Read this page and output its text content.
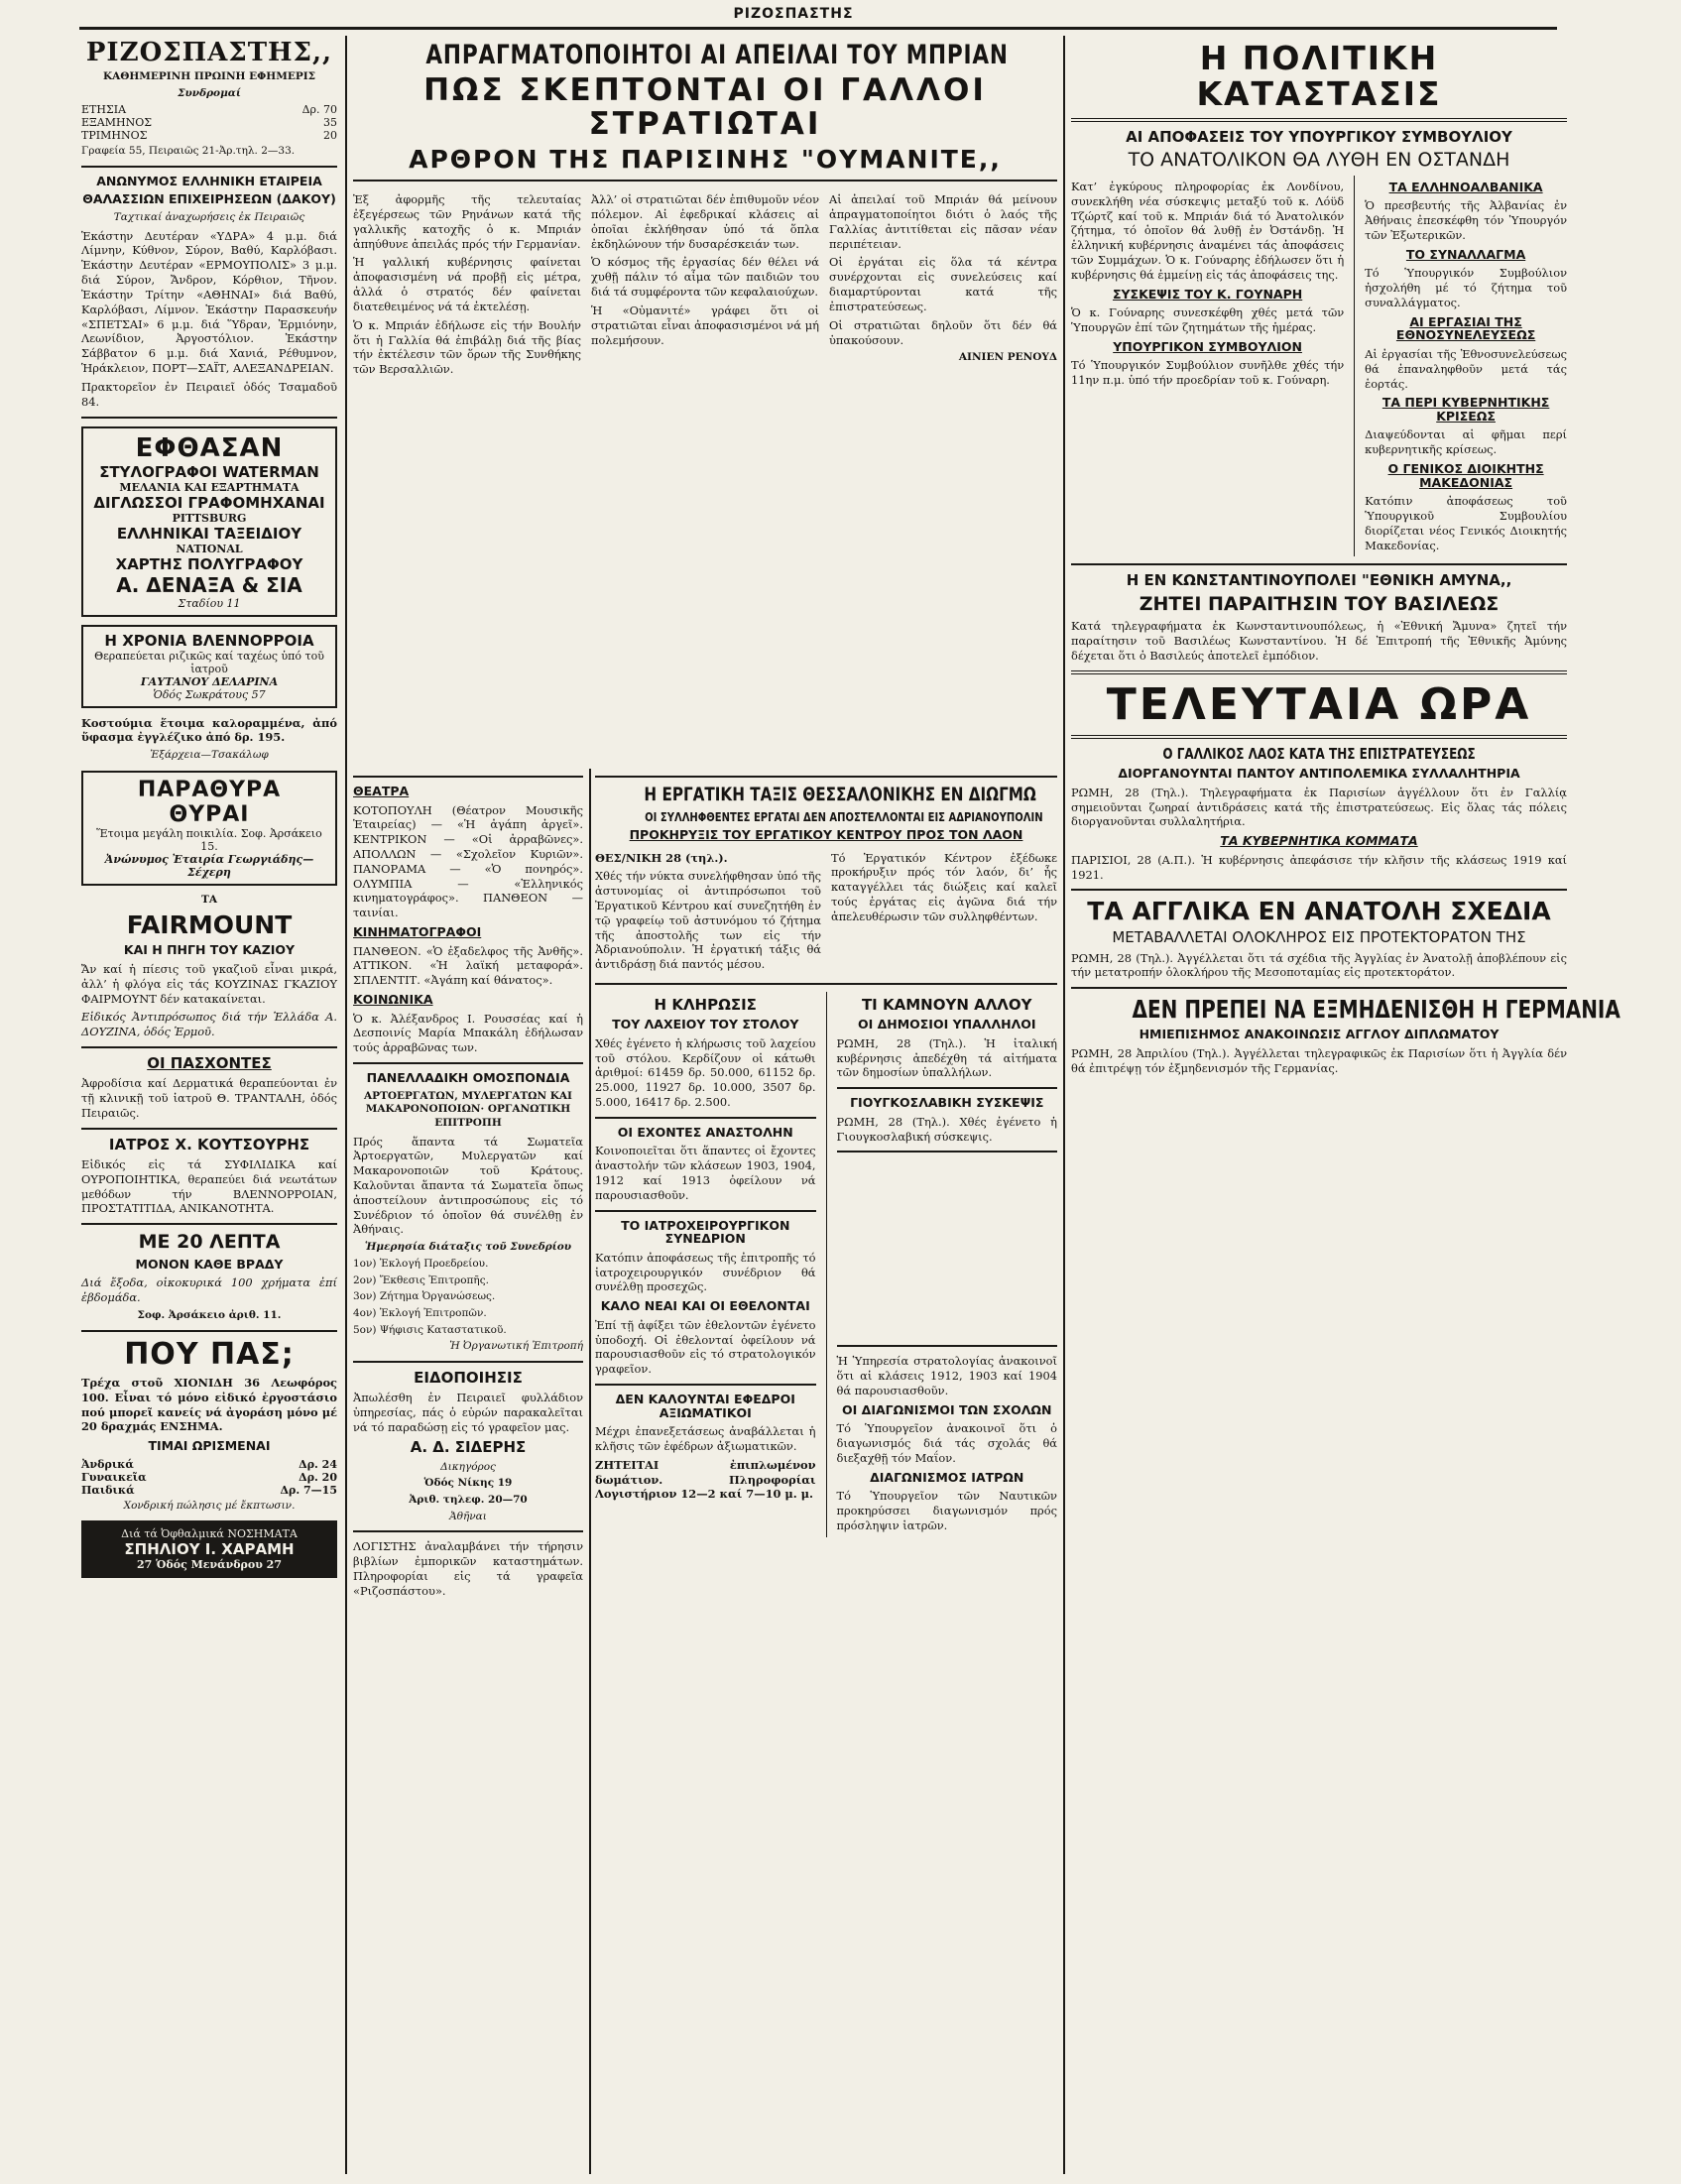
ΡΙΖΟΣΠΑΣΤΗΣ
ΡΙΖΟΣΠΑΣΤΗΣ,,
ΚΑΘΗΜΕΡΙΝΗ ΠΡΩΙΝΗ ΕΦΗΜΕΡΙΣ
Συνδρομαί
ΕΤΗΣΙΑ	Δρ. 70
ΕΞΑΜΗΝΟΣ	35
ΤΡΙΜΗΝΟΣ	20
Γραφεία 55, Πειραιῶς 21-Ἀρ.τηλ. 2—33.
ΑΝΩΝΥΜΟΣ ΕΛΛΗΝΙΚΗ ΕΤΑΙΡΕΙΑ
ΘΑΛΑΣΣΙΩΝ ΕΠΙΧΕΙΡΗΣΕΩΝ (ΔΑΚΟΥ)
Ταχτικαί ἀναχωρήσεις ἐκ Πειραιῶς

Ἑκάστην Δευτέραν «ΥΔΡΑ» 4 μ.μ. διά Λίμνην, Κύθνον, Σύρον, Βαθύ, Καρλόβασι. Ἑκάστην Δευτέραν «ΕΡΜΟΥΠΟΛΙΣ» 3 μ.μ. διά Σύρον, Ἄνδρον, Κόρθιον, Τῆνον. Ἑκάστην Τρίτην «ΑΘΗΝΑΙ» διά Βαθύ, Καρλόβασι, Λίμνον. Ἑκάστην Παρασκευήν «ΣΠΕΤΣΑΙ» 6 μ.μ. διά Ὕδραν, Ἑρμιόνην, Λεωνίδιον, Ἀργοστόλιον. Ἑκάστην Σάββατον 6 μ.μ. διά Χανιά, Ρέθυμνον, Ἡράκλειον, ΠΟΡΤ—ΣΑΪΤ, ΑΛΕΞΑΝΔΡΕΙΑΝ.

Πρακτορεῖον ἐν Πειραιεῖ ὁδός Τσαμαδοῦ 84.

ΕΦΘΑΣΑΝ
ΣΤΥΛΟΓΡΑΦΟΙ WATERMAN
ΜΕΛΑΝΙΑ ΚΑΙ ΕΞΑΡΤΗΜΑΤΑ
ΔΙΓΛΩΣΣΟΙ ΓΡΑΦΟΜΗΧΑΝΑΙ
PITTSBURG
ΕΛΛΗΝΙΚΑΙ ΤΑΞΕΙΔΙΟΥ
NATIONAL
ΧΑΡΤΗΣ ΠΟΛΥΓΡΑΦΟΥ
Α. ΔΕΝΑΞΑ & ΣΙΑ
Σταδίου 11
Η ΧΡΟΝΙΑ ΒΛΕΝΝΟΡΡΟΙΑ
Θεραπεύεται ριζικῶς καί ταχέως ὑπό τοῦ ἰατροῦ
ΓΑΥΤΑΝΟΥ ΔΕΛΑΡΙΝΑ
Ὁδός Σωκράτους 57

Κοστούμια ἕτοιμα καλοραμμένα, ἀπό ὕφασμα ἐγγλέζικο ἀπό δρ. 195.

Ἐξάρχεια—Τσακάλωφ
ΠΑΡΑΘΥΡΑ
ΘΥΡΑΙ
Ἕτοιμα μεγάλη ποικιλία. Σοφ. Ἀρσάκειο 15.
Ἀνώνυμος Ἐταιρία Γεωργιάδης—Σέχερη
ΤΑ
FAIRMOUNT
ΚΑΙ Η ΠΗΓΗ ΤΟΥ ΚΑΖΙΟΥ

Ἄν καί ἡ πίεσις τοῦ γκαζιοῦ εἶναι μικρά, ἀλλ’ ἡ φλόγα εἰς τάς ΚΟΥΖΙΝΑΣ ΓΚΑΖΙΟΥ ΦΑΙΡΜΟΥΝΤ δέν κατακαίνεται.

Εἰδικός Ἀντιπρόσωπος διά τήν Ἑλλάδα Α. ΔΟΥΖΙΝΑ, ὁδός Ἑρμοῦ.

ΟΙ ΠΑΣΧΟΝΤΕΣ

Ἀφροδίσια καί Δερματικά θεραπεύονται ἐν τῇ κλινικῇ τοῦ ἰατροῦ Θ. ΤΡΑΝΤΑΛΗ, ὁδός Πειραιῶς.

ΙΑΤΡΟΣ Χ. ΚΟΥΤΣΟΥΡΗΣ

Εἰδικός εἰς τά ΣΥΦΙΛΙΔΙΚΑ καί ΟΥΡΟΠΟΙΗΤΙΚΑ, θεραπεύει διά νεωτάτων μεθόδων τήν ΒΛΕΝΝΟΡΡΟΙΑΝ, ΠΡΟΣΤΑΤΙΤΙΔΑ, ΑΝΙΚΑΝΟΤΗΤΑ.

ΜΕ 20 ΛΕΠΤΑ
ΜΟΝΟΝ ΚΑΘΕ ΒΡΑΔΥ

Διά ἔξοδα, οἰκοκυρικά 100 χρήματα ἐπί ἑβδομάδα.

Σοφ. Ἀρσάκειο ἀριθ. 11.
ΠΟΥ ΠΑΣ;

Τρέχα στοῦ ΧΙΟΝΙΔΗ 36 Λεωφόρος 100. Εἶναι τό μόνο εἰδικό ἐργοστάσιο πού μπορεῖ κανείς νά ἀγοράση μόνο μέ 20 δραχμάς ΕΝΣΗΜΑ.

ΤΙΜΑΙ ΩΡΙΣΜΕΝΑΙ
Ἀνδρικά	Δρ. 24
Γυναικεῖα	Δρ. 20
Παιδικά	Δρ. 7—15
Χονδρική πώλησις μέ ἔκπτωσιν.
Διά τά Ὀφθαλμικά ΝΟΣΗΜΑΤΑ
ΣΠΗΛΙΟΥ Ι. ΧΑΡΑΜΗ
27 Ὁδός Μενάνδρου 27
ΑΠΡΑΓΜΑΤΟΠΟΙΗΤΟΙ ΑΙ ΑΠΕΙΛΑΙ ΤΟΥ ΜΠΡΙΑΝ
ΠΩΣ ΣΚΕΠΤΟΝΤΑΙ ΟΙ ΓΑΛΛΟΙ ΣΤΡΑΤΙΩΤΑΙ
ΑΡΘΡΟΝ ΤΗΣ ΠΑΡΙΣΙΝΗΣ "ΟΥΜΑΝΙΤΕ,,

Ἐξ ἀφορμῆς τῆς τελευταίας ἐξεγέρσεως τῶν Ρηνάνων κατά τῆς γαλλικῆς κατοχῆς ὁ κ. Μπριάν ἀπηύθυνε ἀπειλάς πρός τήν Γερμανίαν.

Ἡ γαλλική κυβέρνησις φαίνεται ἀποφασισμένη νά προβῇ εἰς μέτρα, ἀλλά ὁ στρατός δέν φαίνεται διατεθειμένος νά τά ἐκτελέσῃ.

Ὁ κ. Μπριάν ἐδήλωσε εἰς τήν Βουλήν ὅτι ἡ Γαλλία θά ἐπιβάλῃ διά τῆς βίας τήν ἐκτέλεσιν τῶν ὅρων τῆς Συνθήκης τῶν Βερσαλλιῶν.

Ἀλλ’ οἱ στρατιῶται δέν ἐπιθυμοῦν νέον πόλεμον. Αἱ ἐφεδρικαί κλάσεις αἱ ὁποῖαι ἐκλήθησαν ὑπό τά ὅπλα ἐκδηλώνουν τήν δυσαρέσκειάν των.

Ὁ κόσμος τῆς ἐργασίας δέν θέλει νά χυθῇ πάλιν τό αἷμα τῶν παιδιῶν του διά τά συμφέροντα τῶν κεφαλαιούχων.

Ἡ «Οὐμανιτέ» γράφει ὅτι οἱ στρατιῶται εἶναι ἀποφασισμένοι νά μή πολεμήσουν.

Αἱ ἀπειλαί τοῦ Μπριάν θά μείνουν ἀπραγματοποίητοι διότι ὁ λαός τῆς Γαλλίας ἀντιτίθεται εἰς πᾶσαν νέαν περιπέτειαν.

Οἱ ἐργάται εἰς ὅλα τά κέντρα συνέρχονται εἰς συνελεύσεις καί διαμαρτύρονται κατά τῆς ἐπιστρατεύσεως.

Οἱ στρατιῶται δηλοῦν ὅτι δέν θά ὑπακούσουν.

ΑΙΝΙΕΝ ΡΕΝΟΥΔ
ΘΕΑΤΡΑ

ΚΟΤΟΠΟΥΛΗ (Θέατρον Μουσικῆς Ἑταιρείας) — «Ἡ ἀγάπη ἀργεῖ». ΚΕΝΤΡΙΚΟΝ — «Οἱ ἀρραβῶνες». ΑΠΟΛΛΩΝ — «Σχολεῖον Κυριῶν». ΠΑΝΟΡΑΜΑ — «Ὁ πονηρός». ΟΛΥΜΠΙΑ — «Ἑλληνικός κινηματογράφος». ΠΑΝΘΕΟΝ — ταινίαι.

ΚΙΝΗΜΑΤΟΓΡΑΦΟΙ

ΠΑΝΘΕΟΝ. «Ὁ ἐξαδελφος τῆς Ἀνθῆς». ΑΤΤΙΚΟΝ. «Ἡ λαϊκή μεταφορά». ΣΠΛΕΝΤΙΤ. «Ἀγάπη καί θάνατος».

ΚΟΙΝΩΝΙΚΑ

Ὁ κ. Ἀλέξανδρος Ι. Ρουσσέας καί ἡ Δεσποινίς Μαρία Μπακάλη ἐδήλωσαν τούς ἀρραβῶνας των.

ΠΑΝΕΛΛΑΔΙΚΗ ΟΜΟΣΠΟΝΔΙΑ
ΑΡΤΟΕΡΓΑΤΩΝ, ΜΥΛΕΡΓΑΤΩΝ ΚΑΙ ΜΑΚΑΡΟΝΟΠΟΙΩΝ· ΟΡΓΑΝΩΤΙΚΗ ΕΠΙΤΡΟΠΗ

Πρός ἅπαντα τά Σωματεῖα Ἀρτοεργατῶν, Μυλεργατῶν καί Μακαρονοποιῶν τοῦ Κράτους. Καλοῦνται ἅπαντα τά Σωματεῖα ὅπως ἀποστείλουν ἀντιπροσώπους εἰς τό Συνέδριον τό ὁποῖον θά συνέλθῃ ἐν Ἀθήναις.

Ἡμερησία διάταξις τοῦ Συνεδρίου
1ον) Ἐκλογή Προεδρείου.
2ον) Ἔκθεσις Ἐπιτροπῆς.
3ον) Ζήτημα Ὀργανώσεως.
4ον) Ἐκλογή Ἐπιτροπῶν.
5ον) Ψήφισις Καταστατικοῦ.
Ἡ Ὀργανωτική Ἐπιτροπή
ΕΙΔΟΠΟΙΗΣΙΣ

Ἀπωλέσθη ἐν Πειραιεῖ φυλλάδιον ὑπηρεσίας, πάς ὁ εὑρών παρακαλεῖται νά τό παραδώσῃ εἰς τό γραφεῖον μας.

Α. Δ. ΣΙΔΕΡΗΣ
Δικηγόρος
Ὁδός Νίκης 19
Ἀριθ. τηλεφ. 20—70
Ἀθῆναι

ΛΟΓΙΣΤΗΣ ἀναλαμβάνει τήν τήρησιν βιβλίων ἐμπορικῶν καταστημάτων. Πληροφορίαι εἰς τά γραφεῖα «Ριζοσπάστου».

Η ΕΡΓΑΤΙΚΗ ΤΑΞΙΣ ΘΕΣΣΑΛΟΝΙΚΗΣ ΕΝ ΔΙΩΓΜΩ
ΟΙ ΣΥΛΛΗΦΘΕΝΤΕΣ ΕΡΓΑΤΑΙ ΔΕΝ ΑΠΟΣΤΕΛΛΟΝΤΑΙ ΕΙΣ ΑΔΡΙΑΝΟΥΠΟΛΙΝ
ΠΡΟΚΗΡΥΞΙΣ ΤΟΥ ΕΡΓΑΤΙΚΟΥ ΚΕΝΤΡΟΥ ΠΡΟΣ ΤΟΝ ΛΑΟΝ

ΘΕΣ/ΝΙΚΗ 28 (τηλ.).

Χθές τήν νύκτα συνελήφθησαν ὑπό τῆς ἀστυνομίας οἱ ἀντιπρόσωποι τοῦ Ἐργατικοῦ Κέντρου καί συνεζητήθη ἐν τῷ γραφείῳ τοῦ ἀστυνόμου τό ζήτημα τῆς ἀποστολῆς των εἰς τήν Ἀδριανούπολιν. Ἡ ἐργατική τάξις θά ἀντιδράσῃ διά παντός μέσου.

Τό Ἐργατικόν Κέντρον ἐξέδωκε προκήρυξιν πρός τόν λαόν, δι’ ἧς καταγγέλλει τάς διώξεις καί καλεῖ τούς ἐργάτας εἰς ἀγῶνα διά τήν ἀπελευθέρωσιν τῶν συλληφθέντων.

Η ΚΛΗΡΩΣΙΣ
ΤΟΥ ΛΑΧΕΙΟΥ ΤΟΥ ΣΤΟΛΟΥ

Χθές ἐγένετο ἡ κλήρωσις τοῦ λαχείου τοῦ στόλου. Κερδίζουν οἱ κάτωθι ἀριθμοί: 61459 δρ. 50.000, 61152 δρ. 25.000, 11927 δρ. 10.000, 3507 δρ. 5.000, 16417 δρ. 2.500.

ΟΙ ΕΧΟΝΤΕΣ ΑΝΑΣΤΟΛΗΝ

Κοινοποιεῖται ὅτι ἅπαντες οἱ ἔχοντες ἀναστολήν τῶν κλάσεων 1903, 1904, 1912 καί 1913 ὀφείλουν νά παρουσιασθοῦν.

ΤΟ ΙΑΤΡΟΧΕΙΡΟΥΡΓΙΚΟΝ ΣΥΝΕΔΡΙΟΝ

Κατόπιν ἀποφάσεως τῆς ἐπιτροπῆς τό ἰατροχειρουργικόν συνέδριον θά συνέλθῃ προσεχῶς.

ΚΑΛΟ ΝΕΑΙ ΚΑΙ ΟΙ ΕΘΕΛΟΝΤΑΙ

Ἐπί τῇ ἀφίξει τῶν ἐθελοντῶν ἐγένετο ὑποδοχή. Οἱ ἐθελονταί ὀφείλουν νά παρουσιασθοῦν εἰς τό στρατολογικόν γραφεῖον.

ΔΕΝ ΚΑΛΟΥΝΤΑΙ ΕΦΕΔΡΟΙ ΑΞΙΩΜΑΤΙΚΟΙ

Μέχρι ἐπανεξετάσεως ἀναβάλλεται ἡ κλῆσις τῶν ἐφέδρων ἀξιωματικῶν.

ΖΗΤΕΙΤΑΙ ἐπιπλωμένον δωμάτιον. Πληροφορίαι Λογιστήριον 12—2 καί 7—10 μ. μ.

ΤΙ ΚΑΜΝΟΥΝ ΑΛΛΟΥ
ΟΙ ΔΗΜΟΣΙΟΙ ΥΠΑΛΛΗΛΟΙ

ΡΩΜΗ, 28 (Τηλ.). Ἡ ἰταλική κυβέρνησις ἀπεδέχθη τά αἰτήματα τῶν δημοσίων ὑπαλλήλων.

ΓΙΟΥΓΚΟΣΛΑΒΙΚΗ ΣΥΣΚΕΨΙΣ

ΡΩΜΗ, 28 (Τηλ.). Χθές ἐγένετο ἡ Γιουγκοσλαβική σύσκεψις.

Ἡ Ὑπηρεσία στρατολογίας ἀνακοινοῖ ὅτι αἱ κλάσεις 1912, 1903 καί 1904 θά παρουσιασθοῦν.

ΟΙ ΔΙΑΓΩΝΙΣΜΟΙ ΤΩΝ ΣΧΟΛΩΝ

Τό Ὑπουργεῖον ἀνακοινοῖ ὅτι ὁ διαγωνισμός διά τάς σχολάς θά διεξαχθῇ τόν Μαΐον.

ΔΙΑΓΩΝΙΣΜΟΣ ΙΑΤΡΩΝ

Τό Ὑπουργεῖον τῶν Ναυτικῶν προκηρύσσει διαγωνισμόν πρός πρόσληψιν ἰατρῶν.

Η ΠΟΛΙΤΙΚΗ ΚΑΤΑΣΤΑΣΙΣ
ΑΙ ΑΠΟΦΑΣΕΙΣ ΤΟΥ ΥΠΟΥΡΓΙΚΟΥ ΣΥΜΒΟΥΛΙΟΥ
ΤΟ ΑΝΑΤΟΛΙΚΟΝ ΘΑ ΛΥΘΗ ΕΝ ΟΣΤΑΝΔΗ

Κατ’ ἐγκύρους πληροφορίας ἐκ Λονδίνου, συνεκλήθη νέα σύσκεψις μεταξύ τοῦ κ. Λόϋδ Τζώρτζ καί τοῦ κ. Μπριάν διά τό Ἀνατολικόν ζήτημα, τό ὁποῖον θά λυθῇ ἐν Ὀστάνδῃ. Ἡ ἑλληνική κυβέρνησις ἀναμένει τάς ἀποφάσεις τῶν Συμμάχων. Ὁ κ. Γούναρης ἐδήλωσεν ὅτι ἡ κυβέρνησις θά ἐμμείνῃ εἰς τάς ἀποφάσεις της.

ΣΥΣΚΕΨΙΣ ΤΟΥ Κ. ΓΟΥΝΑΡΗ

Ὁ κ. Γούναρης συνεσκέφθη χθές μετά τῶν Ὑπουργῶν ἐπί τῶν ζητημάτων τῆς ἡμέρας.

ΥΠΟΥΡΓΙΚΟΝ ΣΥΜΒΟΥΛΙΟΝ

Τό Ὑπουργικόν Συμβούλιον συνῆλθε χθές τήν 11ην π.μ. ὑπό τήν προεδρίαν τοῦ κ. Γούναρη.

ΤΑ ΕΛΛΗΝΟΑΛΒΑΝΙΚΑ

Ὁ πρεσβευτής τῆς Ἀλβανίας ἐν Ἀθήναις ἐπεσκέφθη τόν Ὑπουργόν τῶν Ἐξωτερικῶν.

ΤΟ ΣΥΝΑΛΛΑΓΜΑ

Τό Ὑπουργικόν Συμβούλιον ἠσχολήθη μέ τό ζήτημα τοῦ συναλλάγματος.

ΑΙ ΕΡΓΑΣΙΑΙ ΤΗΣ ΕΘΝΟΣΥΝΕΛΕΥΣΕΩΣ

Αἱ ἐργασίαι τῆς Ἐθνοσυνελεύσεως θά ἐπαναληφθοῦν μετά τάς ἑορτάς.

ΤΑ ΠΕΡΙ ΚΥΒΕΡΝΗΤΙΚΗΣ ΚΡΙΣΕΩΣ

Διαψεύδονται αἱ φῆμαι περί κυβερνητικῆς κρίσεως.

Ο ΓΕΝΙΚΟΣ ΔΙΟΙΚΗΤΗΣ ΜΑΚΕΔΟΝΙΑΣ

Κατόπιν ἀποφάσεως τοῦ Ὑπουργικοῦ Συμβουλίου διορίζεται νέος Γενικός Διοικητής Μακεδονίας.

Η ΕΝ ΚΩΝΣΤΑΝΤΙΝΟΥΠΟΛΕΙ "ΕΘΝΙΚΗ ΑΜΥΝΑ,,
ΖΗΤΕΙ ΠΑΡΑΙΤΗΣΙΝ ΤΟΥ ΒΑΣΙΛΕΩΣ

Κατά τηλεγραφήματα ἐκ Κωνσταντινουπόλεως, ἡ «Ἐθνική Ἄμυνα» ζητεῖ τήν παραίτησιν τοῦ Βασιλέως Κωνσταντίνου. Ἡ δέ Ἐπιτροπή τῆς Ἐθνικῆς Ἀμύνης δέχεται ὅτι ὁ Βασιλεύς ἀποτελεῖ ἐμπόδιον.

ΤΕΛΕΥΤΑΙΑ ΩΡΑ
Ο ΓΑΛΛΙΚΟΣ ΛΑΟΣ ΚΑΤΑ ΤΗΣ ΕΠΙΣΤΡΑΤΕΥΣΕΩΣ
ΔΙΟΡΓΑΝΟΥΝΤΑΙ ΠΑΝΤΟΥ ΑΝΤΙΠΟΛΕΜΙΚΑ ΣΥΛΛΑΛΗΤΗΡΙΑ

ΡΩΜΗ, 28 (Τηλ.). Τηλεγραφήματα ἐκ Παρισίων ἀγγέλλουν ὅτι ἐν Γαλλίᾳ σημειοῦνται ζωηραί ἀντιδράσεις κατά τῆς ἐπιστρατεύσεως. Εἰς ὅλας τάς πόλεις διοργανοῦνται συλλαλητήρια.

ΤΑ ΚΥΒΕΡΝΗΤΙΚΑ ΚΟΜΜΑΤΑ

ΠΑΡΙΣΙΟΙ, 28 (Α.Π.). Ἡ κυβέρνησις ἀπεφάσισε τήν κλῆσιν τῆς κλάσεως 1919 καί 1921.

ΤΑ ΑΓΓΛΙΚΑ ΕΝ ΑΝΑΤΟΛΗ ΣΧΕΔΙΑ
ΜΕΤΑΒΑΛΛΕΤΑΙ ΟΛΟΚΛΗΡΟΣ ΕΙΣ ΠΡΟΤΕΚΤΟΡΑΤΟΝ ΤΗΣ

ΡΩΜΗ, 28 (Τηλ.). Ἀγγέλλεται ὅτι τά σχέδια τῆς Ἀγγλίας ἐν Ἀνατολῇ ἀποβλέπουν εἰς τήν μετατροπήν ὁλοκλήρου τῆς Μεσοποταμίας εἰς προτεκτοράτον.

ΔΕΝ ΠΡΕΠΕΙ ΝΑ ΕΞΜΗΔΕΝΙΣΘΗ Η ΓΕΡΜΑΝΙΑ
ΗΜΙΕΠΙΣΗΜΟΣ ΑΝΑΚΟΙΝΩΣΙΣ ΑΓΓΛΟΥ ΔΙΠΛΩΜΑΤΟΥ

ΡΩΜΗ, 28 Ἀπριλίου (Τηλ.). Ἀγγέλλεται τηλεγραφικῶς ἐκ Παρισίων ὅτι ἡ Ἀγγλία δέν θά ἐπιτρέψῃ τόν ἐξμηδενισμόν τῆς Γερμανίας.
